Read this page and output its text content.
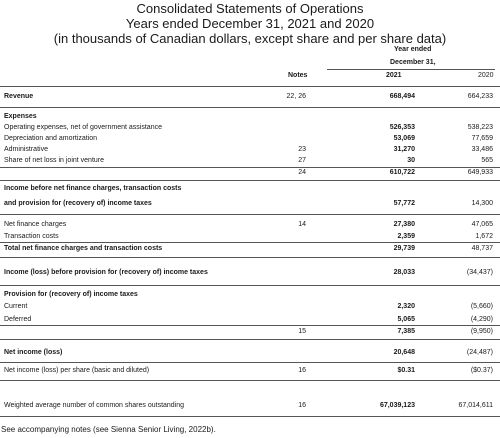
Consolidated Statements of Operations
Years ended December 31, 2021 and 2020
(in thousands of Canadian dollars, except share and per share data)
Year ended
December 31,
Notes	2021	2020
Revenue	22, 26	668,494	664,233
Expenses
Operating expenses, net of government assistance	526,353	538,223
Depreciation and amortization	53,069	77,659
Administrative	23	31,270	33,486
Share of net loss in joint venture	27	30	565
24	610,722	649,933
Income before net finance charges, transaction costs
and provision for (recovery of) income taxes	57,772	14,300
Net finance charges	14	27,380	47,065
Transaction costs	2,359	1,672
Total net finance charges and transaction costs	29,739	48,737
Income (loss) before provision for (recovery of) income taxes	28,033	(34,437)
Provision for (recovery of) income taxes
Current	2,320	(5,660)
Deferred	5,065	(4,290)
15	7,385	(9,950)
Net income (loss)	20,648	(24,487)
Net income (loss) per share (basic and diluted)	16	$0.31	($0.37)
Weighted average number of common shares outstanding	16	67,039,123	67,014,611
See accompanying notes (see Sienna Senior Living, 2022b).
